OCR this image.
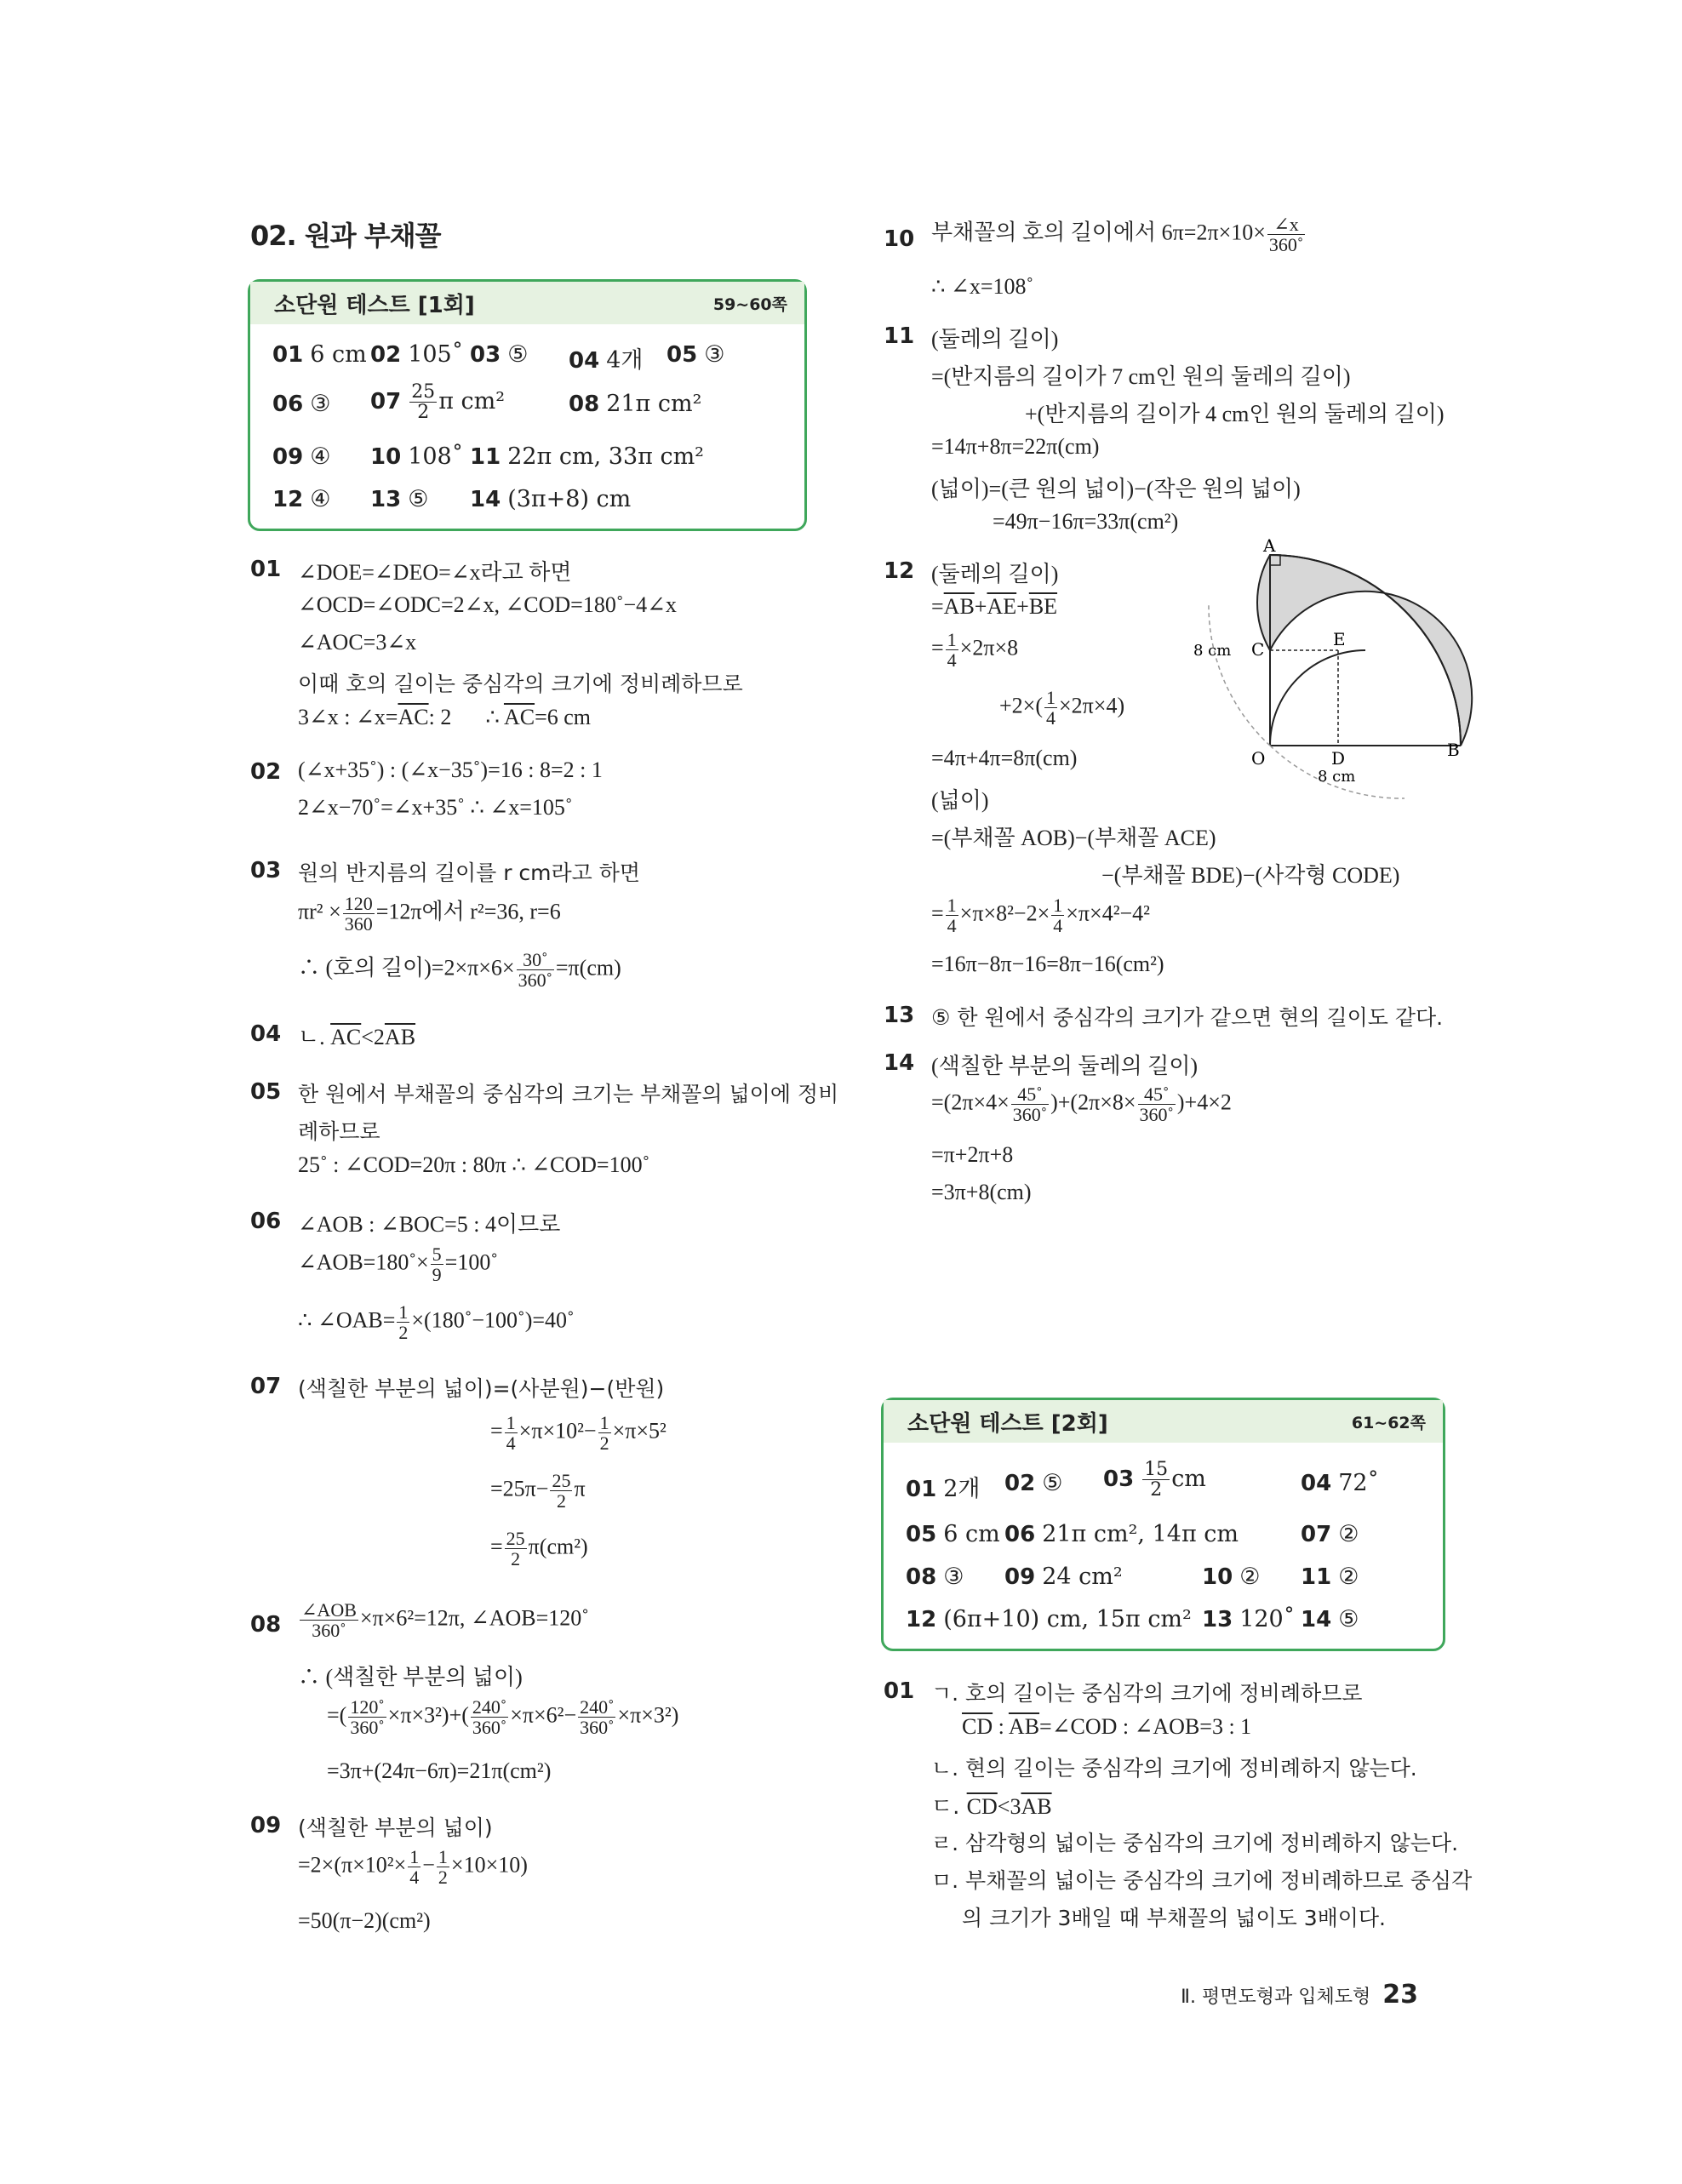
02. 원과 부채꼴
소단원 테스트 [1회]	59~60쪽
01 6 cm 02 105˚ 03 ⑤ 04 4개 05 ③
06 ③ $07 \frac{25}{2}$ π cm²	08 21π cm²
09 ④ 10 108˚ 11 22π cm, 33π cm²
12 ④ 13 ⑤ 14 (3π+8) cm
01 ∠DOE=∠DEO=∠x라고 하면
∠OCD=∠ODC=2∠x, ∠COD=180˚−4∠x
∠AOC=3∠x
이때 호의 길이는 중심각의 크기에 정비례하므로
3∠x : $\angle x=\overline{AC}$: 2 ∴ $\overline{AC}=6$ cm
02 (∠x+35˚) : (∠x−35˚)=16 : 8=2 : 1
2∠x−70˚=∠x+35˚ ∴ ∠x=105˚
03 원의 반지름의 길이를 r cm라고 하면
$\pi r^2 \times \frac{120}{360} =12\pi$에서 r²=36, r=6
∴ (호의 길이)$=2\times\pi\times 6\times \frac{30˚}{360˚} =\pi(cm)$
04 ㄴ. $\overline{AC}<2\overline{AB}$
05 한 원에서 부채꼴의 중심각의 크기는 부채꼴의 넓이에 정비
례하므로
25˚ : ∠COD=20π : 80π ∴ ∠COD=100˚
06 ∠AOB : ∠BOC=5 : 4이므로
∠AOB=180˚× $\frac{5}{9}$ =100˚
∴ ∠OAB= $\frac{1}{2}$ ×(180˚−100˚)=40˚
07 (색칠한 부분의 넓이)=(사분원)−(반원)
= $\frac{1}{4} \times\pi\times 10^2- \frac{1}{2} \times\pi\times 5^2$
$=25\pi- \frac{25}{2}$ π
= $\frac{25}{2} \pi(cm^2)$
$08 \frac{\text{∠AOB}}{360˚} \times\pi\times 6^2=12\pi$, ∠AOB=120˚
∴ (색칠한 부분의 넓이)
=( $\frac{120˚}{360˚} \times\pi\times 3^2)+( \frac{240˚}{360˚} \times\pi\times 6^2- \frac{240˚}{360˚} \times\pi\times 3^2)$
=3π+(24π−6π)=21π(cm²)
09 (색칠한 부분의 넓이)
$=2\times(\pi\times 10^2\times \frac{1}{4} - \frac{1}{2} \times 10\times 10)$
=50(π−2)(cm²)
10 부채꼴의 호의 길이에서 $6\pi=2\pi\times 10\times \frac{\angle x}{360˚}$
∴ ∠x=108˚
11 (둘레의 길이)
=(반지름의 길이가 7 cm인 원의 둘레의 길이)
+(반지름의 길이가 4 cm인 원의 둘레의 길이)
=14π+8π=22π(cm)
(넓이)=(큰 원의 넓이)−(작은 원의 넓이)
=49π−16π=33π(cm²)
12 (둘레의 길이)
$=\overline{AB}+\overline{AE}+\overline{BE}$
= $\frac{1}{4} \times 2\pi\times 8$
$+2\times( \frac{1}{4} \times 2\pi\times 4)$
=4π+4π=8π(cm)
(넓이)
=(부채꼴 AOB)−(부채꼴 ACE)
−(부채꼴 BDE)−(사각형 CODE)
= $\frac{1}{4} \times\pi\times 8^2-2\times \frac{1}{4} \times\pi\times 4^2-4^2$
=16π−8π−16=8π−16(cm²)
A
E
8 cm C
O	D
8 cm
B
13 ⑤ 한 원에서 중심각의 크기가 같으면 현의 길이도 같다.
14 (색칠한 부분의 둘레의 길이)
$=(2\pi\times 4\times \frac{45˚}{360˚} )+(2\pi\times 8\times \frac{45˚}{360˚} )+4\times 2$
=π+2π+8
=3π+8(cm)
소단원 테스트 [2회]	61~62쪽
01 2개 02 ⑤ $03 \frac{15}{2}$ cm	04 72˚
05 6 cm 06 21π cm², 14π cm	07 ②
08 ③ 09 24 cm²	10 ② 11 ②
12 (6π+10) cm, 15π cm² 13 120˚ 14 ⑤
01 ㄱ. 호의 길이는 중심각의 크기에 정비례하므로
$\overline{CD}$ : $\overline{AB}=\angle COD$ : ∠AOB=3 : 1
ㄴ. 현의 길이는 중심각의 크기에 정비례하지 않는다.
ㄷ. $\overline{CD}<3\overline{AB}$
ㄹ. 삼각형의 넓이는 중심각의 크기에 정비례하지 않는다.
ㅁ. 부채꼴의 넓이는 중심각의 크기에 정비례하므로 중심각
의 크기가 3배일 때 부채꼴의 넓이도 3배이다.
Ⅱ. 평면도형과 입체도형 23
